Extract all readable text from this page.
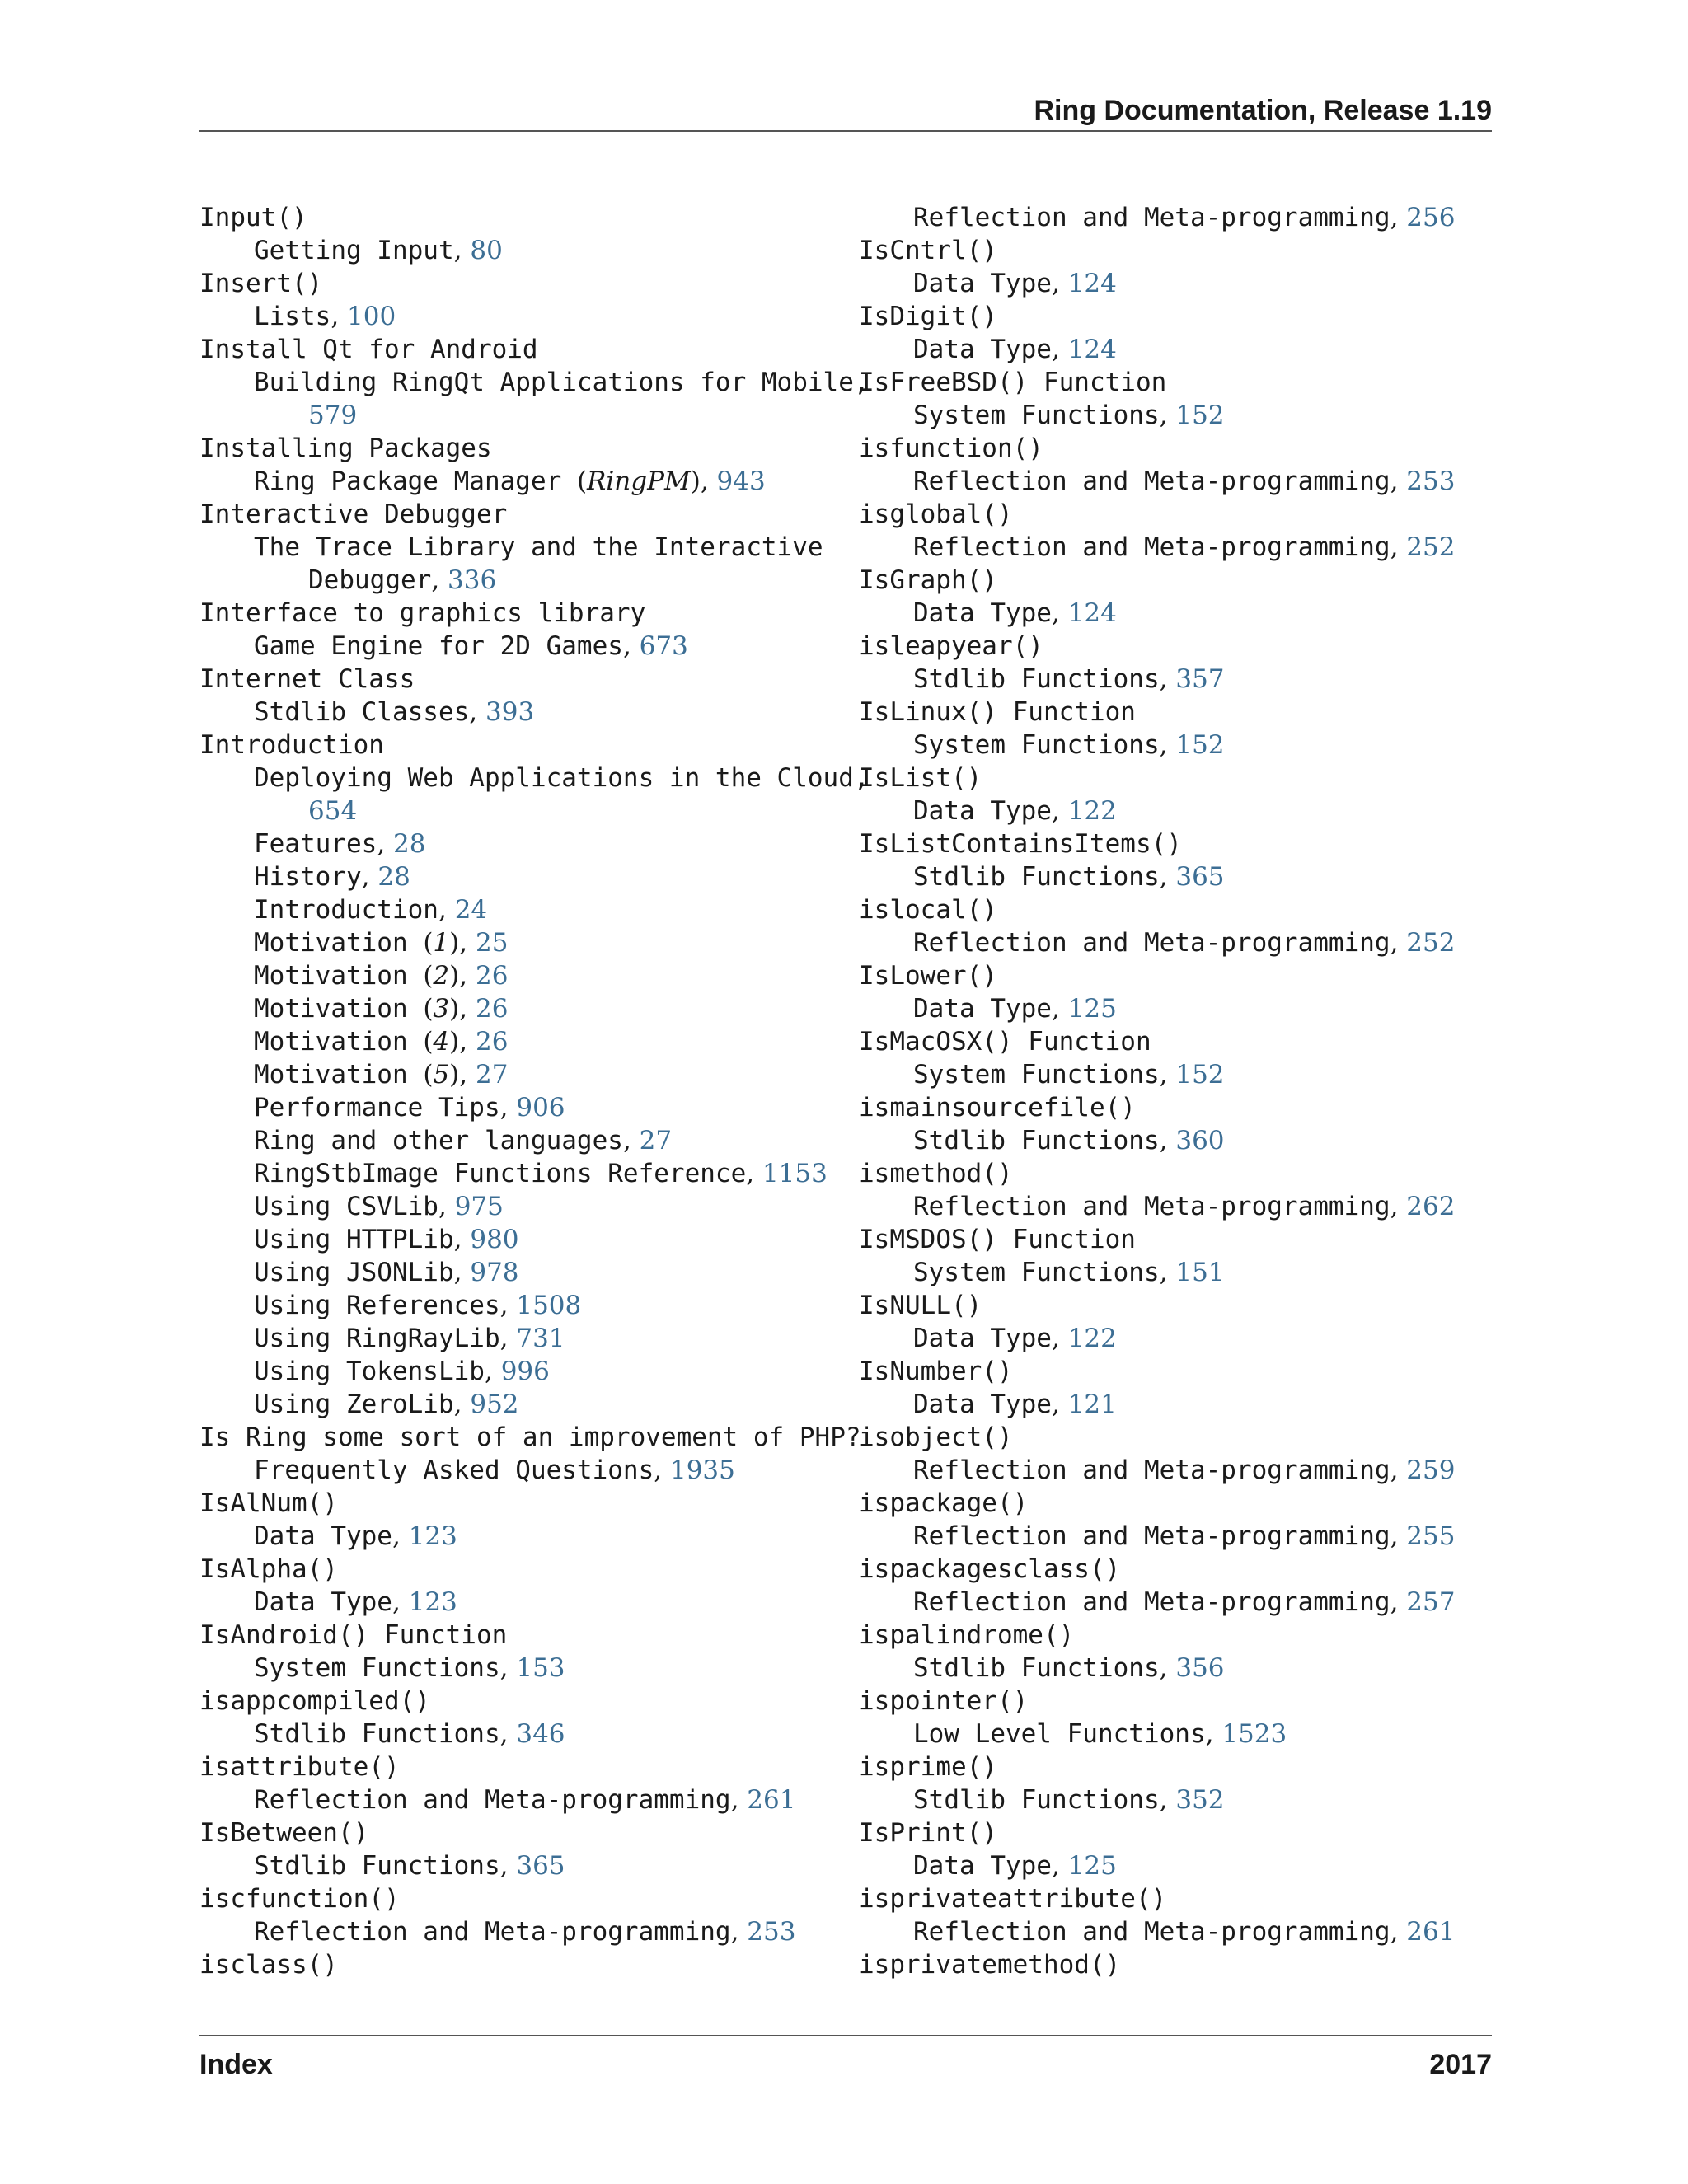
Ring Documentation, Release 1.19
Input()
Getting Input, 80
Insert()
Lists, 100
Install Qt for Android
Building RingQt Applications for Mobile,
579
Installing Packages
Ring Package Manager (RingPM), 943
Interactive Debugger
The Trace Library and the Interactive
Debugger, 336
Interface to graphics library
Game Engine for 2D Games, 673
Internet Class
Stdlib Classes, 393
Introduction
Deploying Web Applications in the Cloud,
654
Features, 28
History, 28
Introduction, 24
Motivation (1), 25
Motivation (2), 26
Motivation (3), 26
Motivation (4), 26
Motivation (5), 27
Performance Tips, 906
Ring and other languages, 27
RingStbImage Functions Reference, 1153
Using CSVLib, 975
Using HTTPLib, 980
Using JSONLib, 978
Using References, 1508
Using RingRayLib, 731
Using TokensLib, 996
Using ZeroLib, 952
Is Ring some sort of an improvement of PHP?
Frequently Asked Questions, 1935
IsAlNum()
Data Type, 123
IsAlpha()
Data Type, 123
IsAndroid() Function
System Functions, 153
isappcompiled()
Stdlib Functions, 346
isattribute()
Reflection and Meta-programming, 261
IsBetween()
Stdlib Functions, 365
iscfunction()
Reflection and Meta-programming, 253
isclass()
Reflection and Meta-programming, 256
IsCntrl()
Data Type, 124
IsDigit()
Data Type, 124
IsFreeBSD() Function
System Functions, 152
isfunction()
Reflection and Meta-programming, 253
isglobal()
Reflection and Meta-programming, 252
IsGraph()
Data Type, 124
isleapyear()
Stdlib Functions, 357
IsLinux() Function
System Functions, 152
IsList()
Data Type, 122
IsListContainsItems()
Stdlib Functions, 365
islocal()
Reflection and Meta-programming, 252
IsLower()
Data Type, 125
IsMacOSX() Function
System Functions, 152
ismainsourcefile()
Stdlib Functions, 360
ismethod()
Reflection and Meta-programming, 262
IsMSDOS() Function
System Functions, 151
IsNULL()
Data Type, 122
IsNumber()
Data Type, 121
isobject()
Reflection and Meta-programming, 259
ispackage()
Reflection and Meta-programming, 255
ispackagesclass()
Reflection and Meta-programming, 257
ispalindrome()
Stdlib Functions, 356
ispointer()
Low Level Functions, 1523
isprime()
Stdlib Functions, 352
IsPrint()
Data Type, 125
isprivateattribute()
Reflection and Meta-programming, 261
isprivatemethod()
Index	2017
